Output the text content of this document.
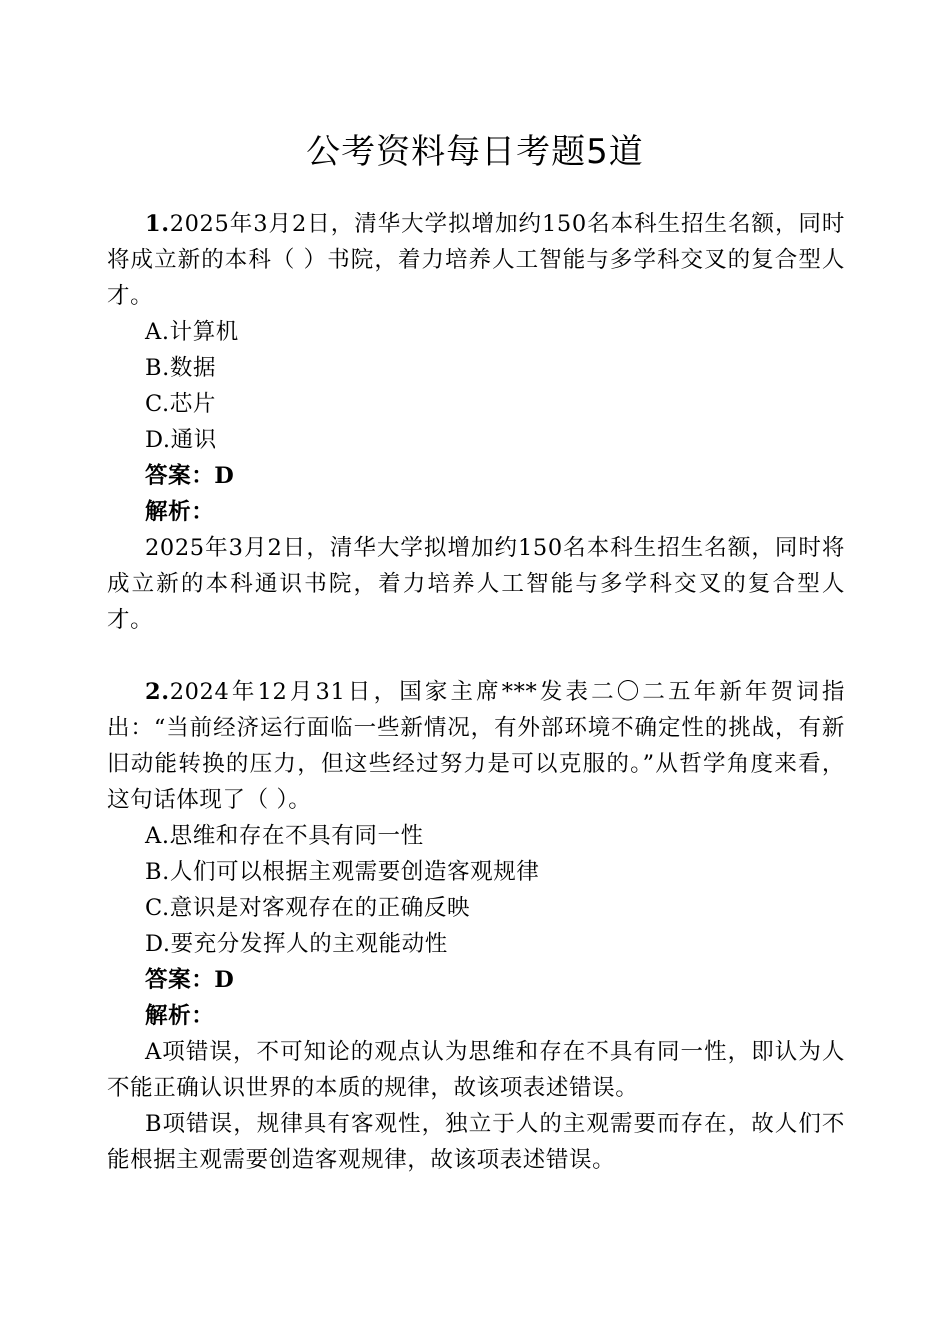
公考资料每日考题5道

1.2025年3月2日，清华大学拟增加约150名本科生招生名额，同时将成立新的本科（ ）书院，着力培养人工智能与多学科交叉的复合型人才。

A.计算机

B.数据

C.芯片

D.通识

答案：D

解析：

2025年3月2日，清华大学拟增加约150名本科生招生名额，同时将成立新的本科通识书院，着力培养人工智能与多学科交叉的复合型人才。

2.2024年12月31日，国家主席***发表二〇二五年新年贺词指出：“当前经济运行面临一些新情况，有外部环境不确定性的挑战，有新旧动能转换的压力，但这些经过努力是可以克服的。”从哲学角度来看，这句话体现了（ ）。

A.思维和存在不具有同一性

B.人们可以根据主观需要创造客观规律

C.意识是对客观存在的正确反映

D.要充分发挥人的主观能动性

答案：D

解析：

A项错误，不可知论的观点认为思维和存在不具有同一性，即认为人不能正确认识世界的本质的规律，故该项表述错误。

B项错误，规律具有客观性，独立于人的主观需要而存在，故人们不能根据主观需要创造客观规律，故该项表述错误。
